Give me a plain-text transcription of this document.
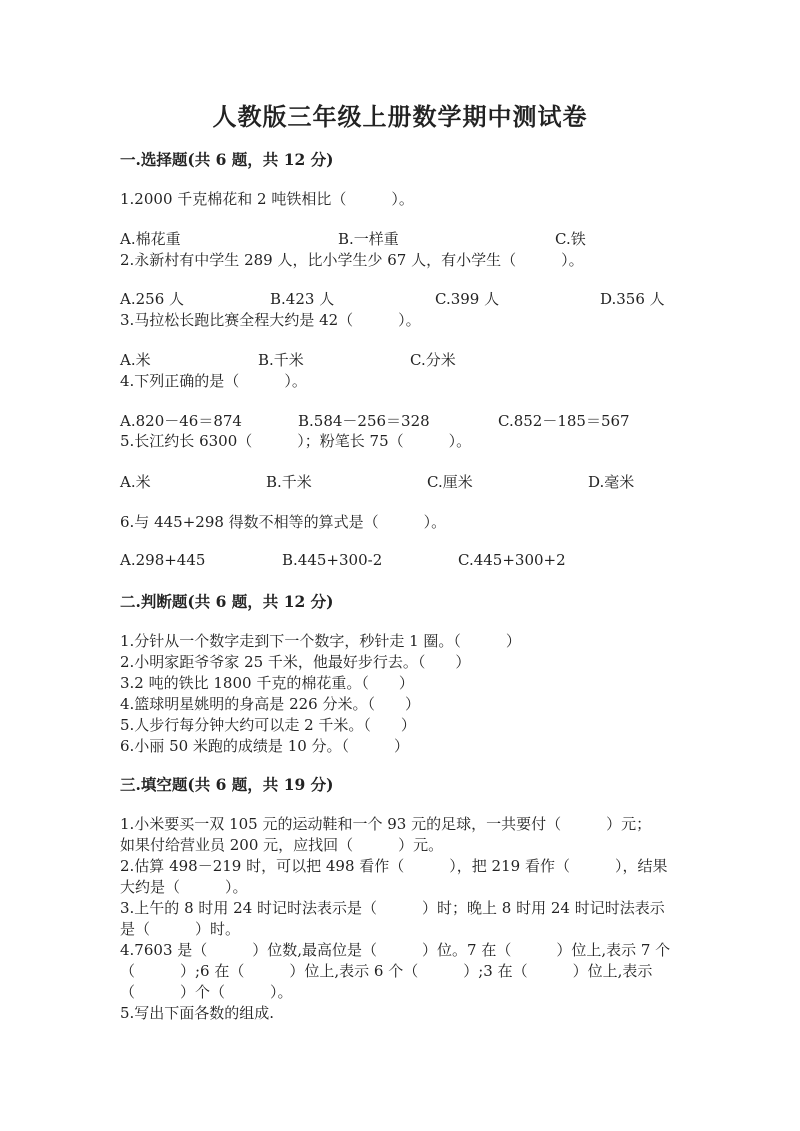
人教版三年级上册数学期中测试卷
一.选择题(共 6 题，共 12 分)
1.2000 千克棉花和 2 吨铁相比（　　　）。
A.棉花重	B.一样重	C.铁
2.永新村有中学生 289 人，比小学生少 67 人，有小学生（　　　）。
A.256 人	B.423 人	C.399 人	D.356 人
3.马拉松长跑比赛全程大约是 42（　　　）。
A.米	B.千米	C.分米
4.下列正确的是（　　　）。
A.820－46＝874	B.584－256＝328	C.852－185＝567
5.长江约长 6300（　　　）；粉笔长 75（　　　）。
A.米	B.千米	C.厘米	D.毫米
6.与 445+298 得数不相等的算式是（　　　）。
A.298+445	B.445+300-2	C.445+300+2
二.判断题(共 6 题，共 12 分)
1.分针从一个数字走到下一个数字，秒针走 1 圈。（　　　）
2.小明家距爷爷家 25 千米，他最好步行去。（　　）
3.2 吨的铁比 1800 千克的棉花重。（　　）
4.篮球明星姚明的身高是 226 分米。（　　）
5.人步行每分钟大约可以走 2 千米。（　　）
6.小丽 50 米跑的成绩是 10 分。（　　　）
三.填空题(共 6 题，共 19 分)
1.小米要买一双 105 元的运动鞋和一个 93 元的足球，一共要付（　　　）元；
如果付给营业员 200 元，应找回（　　　）元。
2.估算 498－219 时，可以把 498 看作（　　　），把 219 看作（　　　），结果
大约是（　　　）。
3.上午的 8 时用 24 时记时法表示是（　　　）时；晚上 8 时用 24 时记时法表示
是（　　　）时。
4.7603 是（　　　）位数,最高位是（　　　）位。7 在（　　　）位上,表示 7 个
（　　　）;6 在（　　　）位上,表示 6 个（　　　）;3 在（　　　）位上,表示
（　　　）个（　　　）。
5.写出下面各数的组成.
